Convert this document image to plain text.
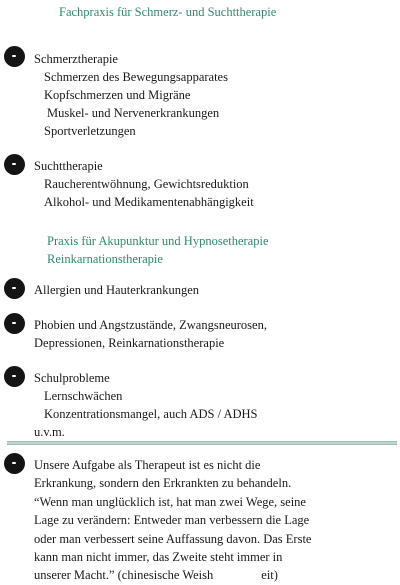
Fachpraxis für Schmerz- und Suchttherapie
Schmerztherapie
Schmerzen des Bewegungsapparates
Kopfschmerzen und Migräne
Muskel- und Nervenerkrankungen
Sportverletzungen
Suchttherapie
Raucherentwöhnung, Gewichtsreduktion
Alkohol- und Medikamentenabhängigkeit
Praxis für Akupunktur und Hypnosetherapie
Reinkarnationstherapie
Allergien und Hauterkrankungen
Phobien und Angstzustände, Zwangsneurosen,
Depressionen, Reinkarnationstherapie
Schulprobleme
Lernschwächen
Konzentrationsmangel, auch ADS / ADHS
u.v.m.
Unsere Aufgabe als Therapeut ist es nicht die
Erkrankung, sondern den Erkrankten zu behandeln.
“Wenn man unglücklich ist, hat man zwei Wege, seine
Lage zu verändern: Entweder man verbessern die Lage
oder man verbessert seine Auffassung davon. Das Erste
kann man nicht immer, das Zweite steht immer in
unserer Macht.” (chinesische Weish	eit)
